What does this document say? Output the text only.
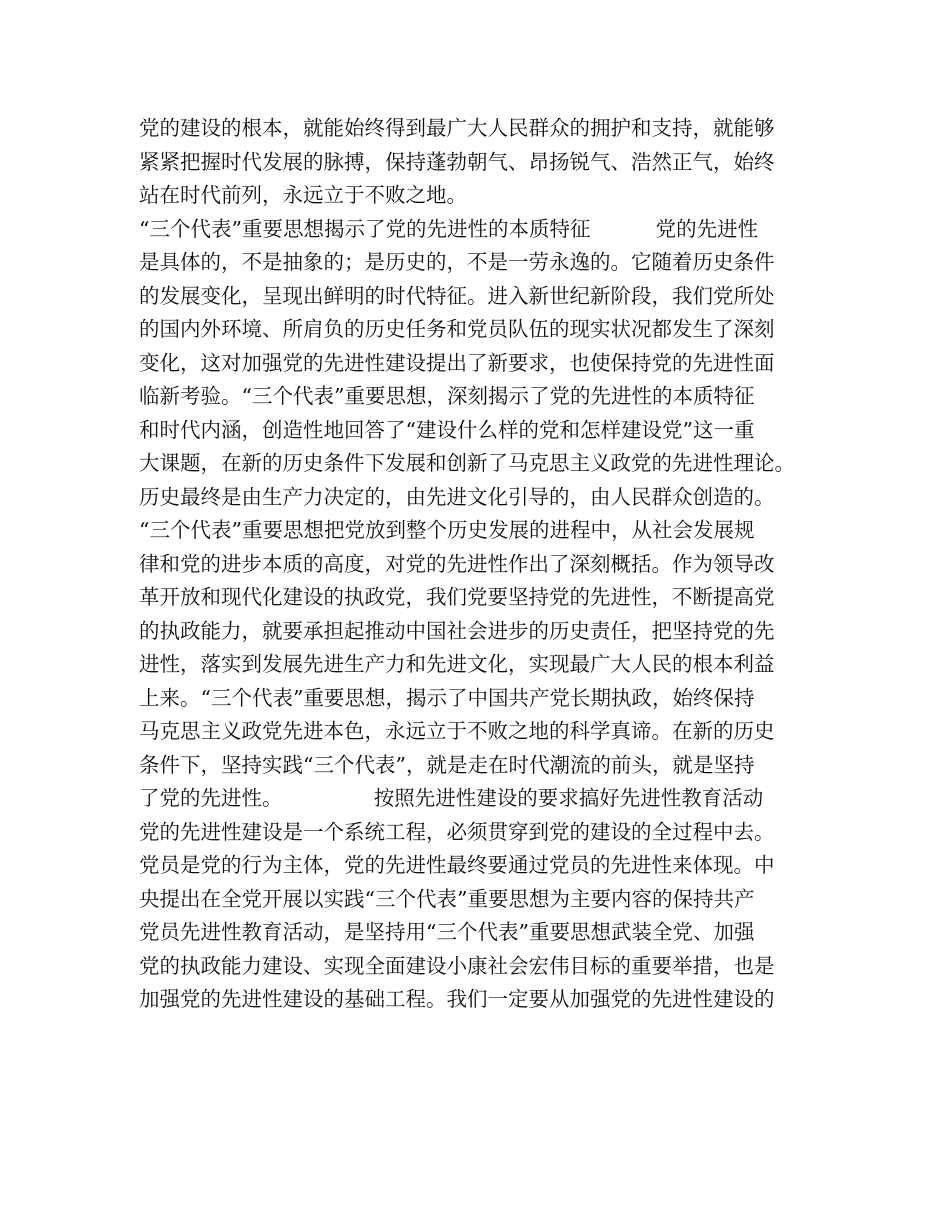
党的建设的根本，就能始终得到最广大人民群众的拥护和支持，就能够
紧紧把握时代发展的脉搏，保持蓬勃朝气、昂扬锐气、浩然正气，始终
站在时代前列，永远立于不败之地。
“三个代表”重要思想揭示了党的先进性的本质特征          党的先进性
是具体的，不是抽象的；是历史的，不是一劳永逸的。它随着历史条件
的发展变化，呈现出鲜明的时代特征。进入新世纪新阶段，我们党所处
的国内外环境、所肩负的历史任务和党员队伍的现实状况都发生了深刻
变化，这对加强党的先进性建设提出了新要求，也使保持党的先进性面
临新考验。“三个代表”重要思想，深刻揭示了党的先进性的本质特征
和时代内涵，创造性地回答了“建设什么样的党和怎样建设党”这一重
大课题，在新的历史条件下发展和创新了马克思主义政党的先进性理论。
历史最终是由生产力决定的，由先进文化引导的，由人民群众创造的。
“三个代表”重要思想把党放到整个历史发展的进程中，从社会发展规
律和党的进步本质的高度，对党的先进性作出了深刻概括。作为领导改
革开放和现代化建设的执政党，我们党要坚持党的先进性，不断提高党
的执政能力，就要承担起推动中国社会进步的历史责任，把坚持党的先
进性，落实到发展先进生产力和先进文化，实现最广大人民的根本利益
上来。“三个代表”重要思想，揭示了中国共产党长期执政，始终保持
马克思主义政党先进本色，永远立于不败之地的科学真谛。在新的历史
条件下，坚持实践“三个代表”，就是走在时代潮流的前头，就是坚持
了党的先进性。              按照先进性建设的要求搞好先进性教育活动
党的先进性建设是一个系统工程，必须贯穿到党的建设的全过程中去。
党员是党的行为主体，党的先进性最终要通过党员的先进性来体现。中
央提出在全党开展以实践“三个代表”重要思想为主要内容的保持共产
党员先进性教育活动，是坚持用“三个代表”重要思想武装全党、加强
党的执政能力建设、实现全面建设小康社会宏伟目标的重要举措，也是
加强党的先进性建设的基础工程。我们一定要从加强党的先进性建设的
